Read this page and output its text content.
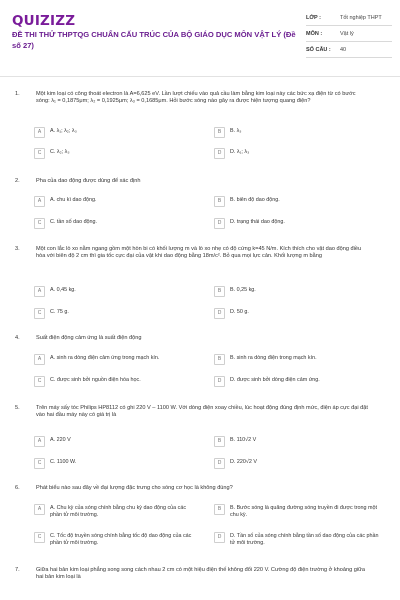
QUIZIZZ
ĐỀ THI THỬ THPTQG CHUẨN CẤU TRÚC CỦA BỘ GIÁO DỤC MÔN VẬT LÝ (Đề số 27)
LỚP :	Tốt nghiệp THPT
MÔN :	Vật lý
SỐ CÂU :	40
1.	Một kim loại có công thoát electron là A=6,625 eV. Lần lượt chiếu vào quả cầu làm bằng kim loại này các bức xạ điện từ có bước sóng: λ₁ = 0,1875μm; λ₂ = 0,1925μm; λ₃ = 0,1685μm. Hỏi bước sóng nào gây ra được hiện tượng quang điện?
A	A. λ₁; λ₂; λ₃	B	B. λ₃
C	C. λ₂; λ₃	D	D. λ₁; λ₃
2.	Pha của dao động được dùng để xác định
A	A. chu kì dao động.	B	B. biên độ dao động.
C	C. tần số dao động.	D	D. trạng thái dao động.
3.	Một con lắc lò xo nằm ngang gồm một hòn bi có khối lượng m và lò xo nhẹ có độ cứng k=45 N/m. Kích thích cho vật dao động điều hòa với biên độ 2 cm thì gia tốc cực đại của vật khi dao động bằng 18m/c². Bỏ qua mọi lực cản. Khối lượng m bằng
A	A. 0,45 kg.	B	B. 0,25 kg.
C	C. 75 g.	D	D. 50 g.
4.	Suất điện động cảm ứng là suất điện động
A	A. sinh ra dòng điện cảm ứng trong mạch kín.	B	B. sinh ra dòng điện trong mạch kín.
C	C. được sinh bởi nguồn điện hóa học.	D	D. được sinh bởi dòng điện cảm ứng.
5.	Trên máy sấy tóc Philips HP8112 có ghi 220 V – 1100 W. Với dòng điện xoay chiều, lúc hoạt động đúng định mức, điện áp cực đại đặt vào hai đầu máy này có giá trị là
A	A. 220 V	B	B. 110√2 V
C	C. 1100 W.	D	D. 220√2 V
6.	Phát biểu nào sau đây về đại lượng đặc trưng cho sóng cơ học là không đúng?
A	A. Chu kỳ của sóng chính bằng chu kỳ dao động của các phần tử môi trường.
B	B. Bước sóng là quãng đường sóng truyền đi được trong một chu kỳ.
C	C. Tốc độ truyền sóng chính bằng tốc độ dao động của các phần tử môi trường.
D	D. Tần số của sóng chính bằng tần số dao động của các phần tử môi trường.
7.	Giữa hai bản kim loại phẳng song song cách nhau 2 cm có một hiệu điện thế không đổi 220 V. Cường độ điện trường ở khoảng giữa hai bản kim loại là
